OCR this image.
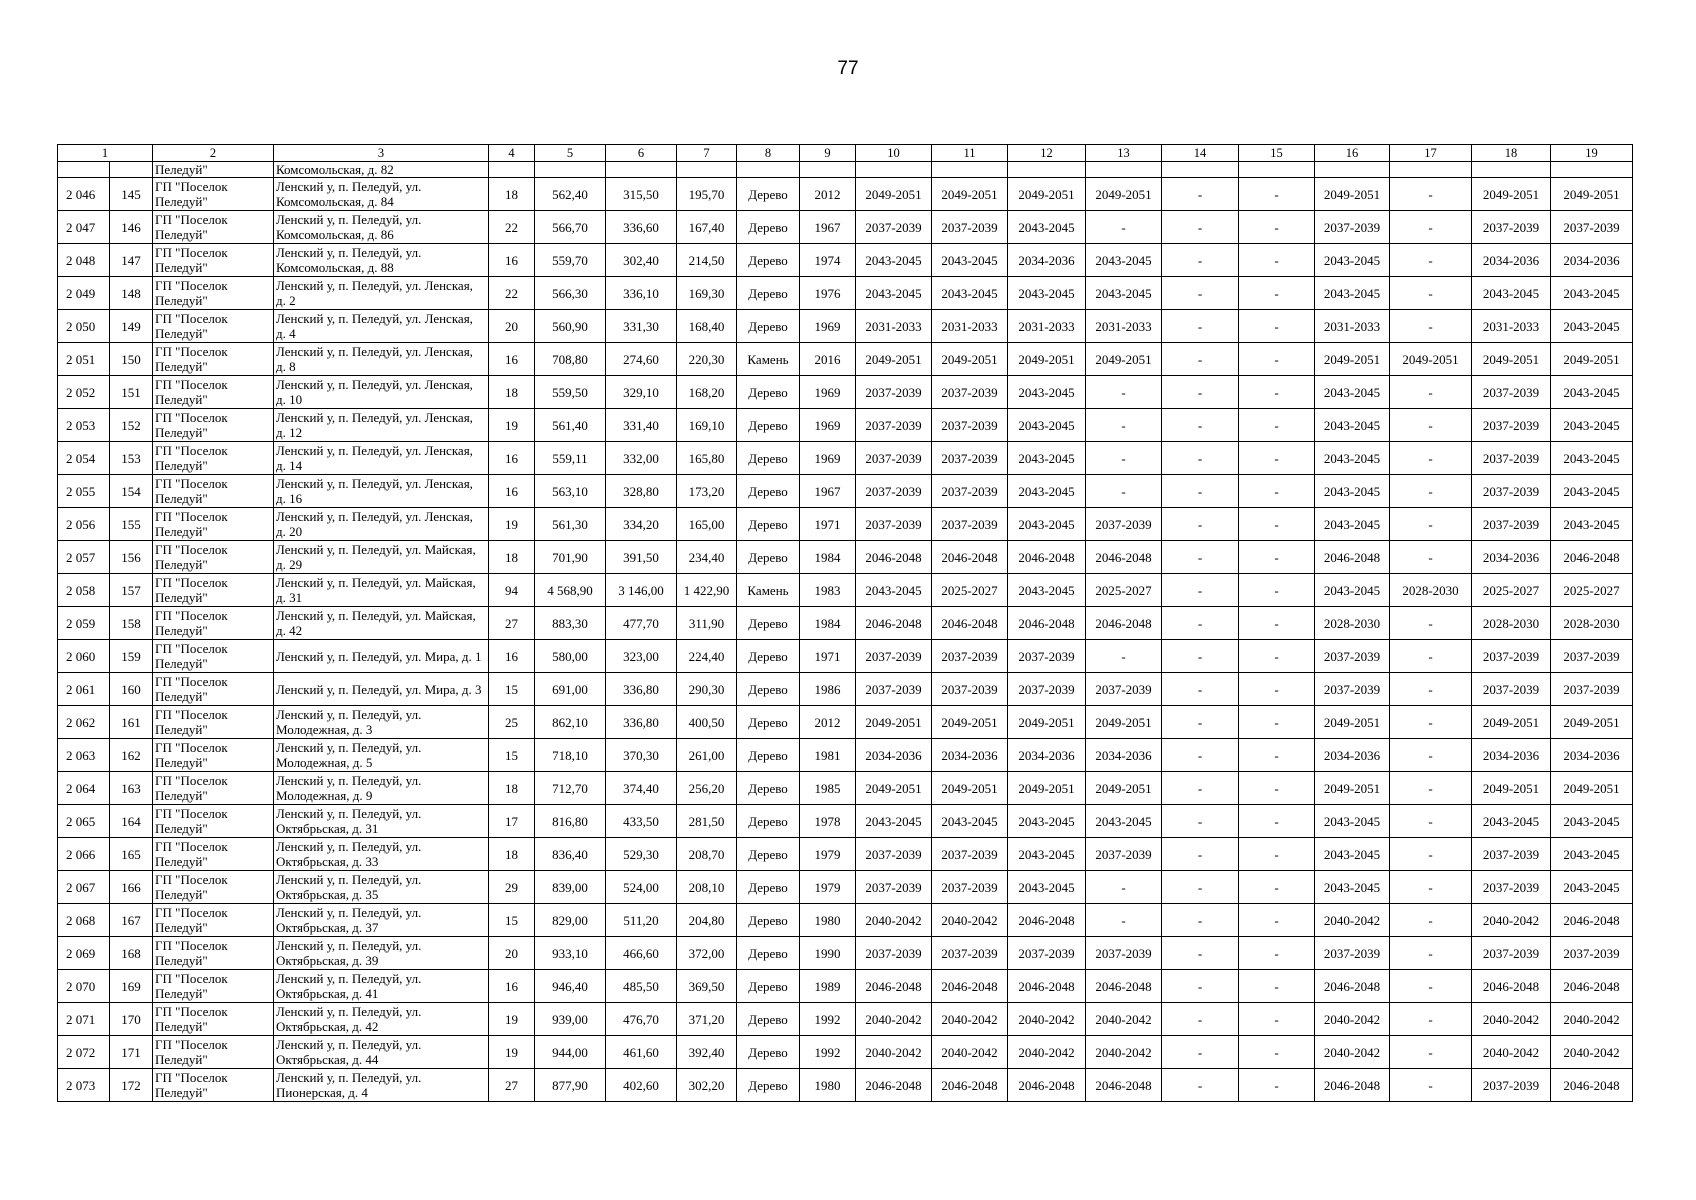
77
1		2	3	4	5	6	7	8	9	10	11	12	13	14	15	16	17	18	19
		Пеледуй"	Комсомольская, д. 82																
2 046	145	ГП "Поселок Пеледуй"	Ленский у, п. Пеледуй, ул. Комсомольская, д. 84	18	562,40	315,50	195,70	Дерево	2012	2049-2051	2049-2051	2049-2051	2049-2051	-	-	2049-2051	-	2049-2051	2049-2051
2 047	146	ГП "Поселок Пеледуй"	Ленский у, п. Пеледуй, ул. Комсомольская, д. 86	22	566,70	336,60	167,40	Дерево	1967	2037-2039	2037-2039	2043-2045	-	-	-	2037-2039	-	2037-2039	2037-2039
2 048	147	ГП "Поселок Пеледуй"	Ленский у, п. Пеледуй, ул. Комсомольская, д. 88	16	559,70	302,40	214,50	Дерево	1974	2043-2045	2043-2045	2034-2036	2043-2045	-	-	2043-2045	-	2034-2036	2034-2036
2 049	148	ГП "Поселок Пеледуй"	Ленский у, п. Пеледуй, ул. Ленская, д. 2	22	566,30	336,10	169,30	Дерево	1976	2043-2045	2043-2045	2043-2045	2043-2045	-	-	2043-2045	-	2043-2045	2043-2045
2 050	149	ГП "Поселок Пеледуй"	Ленский у, п. Пеледуй, ул. Ленская, д. 4	20	560,90	331,30	168,40	Дерево	1969	2031-2033	2031-2033	2031-2033	2031-2033	-	-	2031-2033	-	2031-2033	2043-2045
2 051	150	ГП "Поселок Пеледуй"	Ленский у, п. Пеледуй, ул. Ленская, д. 8	16	708,80	274,60	220,30	Камень	2016	2049-2051	2049-2051	2049-2051	2049-2051	-	-	2049-2051	2049-2051	2049-2051	2049-2051
2 052	151	ГП "Поселок Пеледуй"	Ленский у, п. Пеледуй, ул. Ленская, д. 10	18	559,50	329,10	168,20	Дерево	1969	2037-2039	2037-2039	2043-2045	-	-	-	2043-2045	-	2037-2039	2043-2045
2 053	152	ГП "Поселок Пеледуй"	Ленский у, п. Пеледуй, ул. Ленская, д. 12	19	561,40	331,40	169,10	Дерево	1969	2037-2039	2037-2039	2043-2045	-	-	-	2043-2045	-	2037-2039	2043-2045
2 054	153	ГП "Поселок Пеледуй"	Ленский у, п. Пеледуй, ул. Ленская, д. 14	16	559,11	332,00	165,80	Дерево	1969	2037-2039	2037-2039	2043-2045	-	-	-	2043-2045	-	2037-2039	2043-2045
2 055	154	ГП "Поселок Пеледуй"	Ленский у, п. Пеледуй, ул. Ленская, д. 16	16	563,10	328,80	173,20	Дерево	1967	2037-2039	2037-2039	2043-2045	-	-	-	2043-2045	-	2037-2039	2043-2045
2 056	155	ГП "Поселок Пеледуй"	Ленский у, п. Пеледуй, ул. Ленская, д. 20	19	561,30	334,20	165,00	Дерево	1971	2037-2039	2037-2039	2043-2045	2037-2039	-	-	2043-2045	-	2037-2039	2043-2045
2 057	156	ГП "Поселок Пеледуй"	Ленский у, п. Пеледуй, ул. Майская, д. 29	18	701,90	391,50	234,40	Дерево	1984	2046-2048	2046-2048	2046-2048	2046-2048	-	-	2046-2048	-	2034-2036	2046-2048
2 058	157	ГП "Поселок Пеледуй"	Ленский у, п. Пеледуй, ул. Майская, д. 31	94	4 568,90	3 146,00	1 422,90	Камень	1983	2043-2045	2025-2027	2043-2045	2025-2027	-	-	2043-2045	2028-2030	2025-2027	2025-2027
2 059	158	ГП "Поселок Пеледуй"	Ленский у, п. Пеледуй, ул. Майская, д. 42	27	883,30	477,70	311,90	Дерево	1984	2046-2048	2046-2048	2046-2048	2046-2048	-	-	2028-2030	-	2028-2030	2028-2030
2 060	159	ГП "Поселок Пеледуй"	Ленский у, п. Пеледуй, ул. Мира, д. 1	16	580,00	323,00	224,40	Дерево	1971	2037-2039	2037-2039	2037-2039	-	-	-	2037-2039	-	2037-2039	2037-2039
2 061	160	ГП "Поселок Пеледуй"	Ленский у, п. Пеледуй, ул. Мира, д. 3	15	691,00	336,80	290,30	Дерево	1986	2037-2039	2037-2039	2037-2039	2037-2039	-	-	2037-2039	-	2037-2039	2037-2039
2 062	161	ГП "Поселок Пеледуй"	Ленский у, п. Пеледуй, ул. Молодежная, д. 3	25	862,10	336,80	400,50	Дерево	2012	2049-2051	2049-2051	2049-2051	2049-2051	-	-	2049-2051	-	2049-2051	2049-2051
2 063	162	ГП "Поселок Пеледуй"	Ленский у, п. Пеледуй, ул. Молодежная, д. 5	15	718,10	370,30	261,00	Дерево	1981	2034-2036	2034-2036	2034-2036	2034-2036	-	-	2034-2036	-	2034-2036	2034-2036
2 064	163	ГП "Поселок Пеледуй"	Ленский у, п. Пеледуй, ул. Молодежная, д. 9	18	712,70	374,40	256,20	Дерево	1985	2049-2051	2049-2051	2049-2051	2049-2051	-	-	2049-2051	-	2049-2051	2049-2051
2 065	164	ГП "Поселок Пеледуй"	Ленский у, п. Пеледуй, ул. Октябрьская, д. 31	17	816,80	433,50	281,50	Дерево	1978	2043-2045	2043-2045	2043-2045	2043-2045	-	-	2043-2045	-	2043-2045	2043-2045
2 066	165	ГП "Поселок Пеледуй"	Ленский у, п. Пеледуй, ул. Октябрьская, д. 33	18	836,40	529,30	208,70	Дерево	1979	2037-2039	2037-2039	2043-2045	2037-2039	-	-	2043-2045	-	2037-2039	2043-2045
2 067	166	ГП "Поселок Пеледуй"	Ленский у, п. Пеледуй, ул. Октябрьская, д. 35	29	839,00	524,00	208,10	Дерево	1979	2037-2039	2037-2039	2043-2045	-	-	-	2043-2045	-	2037-2039	2043-2045
2 068	167	ГП "Поселок Пеледуй"	Ленский у, п. Пеледуй, ул. Октябрьская, д. 37	15	829,00	511,20	204,80	Дерево	1980	2040-2042	2040-2042	2046-2048	-	-	-	2040-2042	-	2040-2042	2046-2048
2 069	168	ГП "Поселок Пеледуй"	Ленский у, п. Пеледуй, ул. Октябрьская, д. 39	20	933,10	466,60	372,00	Дерево	1990	2037-2039	2037-2039	2037-2039	2037-2039	-	-	2037-2039	-	2037-2039	2037-2039
2 070	169	ГП "Поселок Пеледуй"	Ленский у, п. Пеледуй, ул. Октябрьская, д. 41	16	946,40	485,50	369,50	Дерево	1989	2046-2048	2046-2048	2046-2048	2046-2048	-	-	2046-2048	-	2046-2048	2046-2048
2 071	170	ГП "Поселок Пеледуй"	Ленский у, п. Пеледуй, ул. Октябрьская, д. 42	19	939,00	476,70	371,20	Дерево	1992	2040-2042	2040-2042	2040-2042	2040-2042	-	-	2040-2042	-	2040-2042	2040-2042
2 072	171	ГП "Поселок Пеледуй"	Ленский у, п. Пеледуй, ул. Октябрьская, д. 44	19	944,00	461,60	392,40	Дерево	1992	2040-2042	2040-2042	2040-2042	2040-2042	-	-	2040-2042	-	2040-2042	2040-2042
2 073	172	ГП "Поселок Пеледуй"	Ленский у, п. Пеледуй, ул. Пионерская, д. 4	27	877,90	402,60	302,20	Дерево	1980	2046-2048	2046-2048	2046-2048	2046-2048	-	-	2046-2048	-	2037-2039	2046-2048
